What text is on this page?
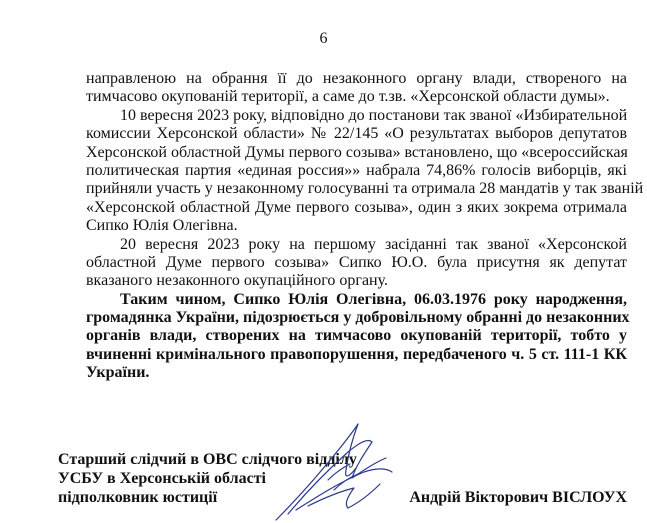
6
направленою на обрання її до незаконного органу влади, створеного на
тимчасово окупованій території, а саме до т.зв. «Херсонской области думы».
10 вересня 2023 року, відповідно до постанови так званої «Избирательной
комиссии Херсонской области» № 22/145 «О результатах выборов депутатов
Херсонской областной Думы первого созыва» встановлено, що «всероссийская
политическая партия «единая россия»» набрала 74,86% голосів виборців, які
прийняли участь у незаконному голосуванні та отримала 28 мандатів у так званій
«Херсонской областной Думе первого созыва», один з яких зокрема отримала
Сипко Юлія Олегівна.
20 вересня 2023 року на першому засіданні так званої «Херсонской
областной Думе первого созыва» Сипко Ю.О. була присутня як депутат
вказаного незаконного окупаційного органу.
Таким чином, Сипко Юлія Олегівна, 06.03.1976 року народження,
громадянка України, підозрюється у добровільному обранні до незаконних
органів влади, створених на тимчасово окупованій території, тобто у
вчиненні кримінального правопорушення, передбаченого ч. 5 ст. 111-1 КК
України.
Старший слідчий в ОВС слідчого відділу
УСБУ в Херсонській області
підполковник юстиції	Андрій Вікторович ВІСЛОУХ
